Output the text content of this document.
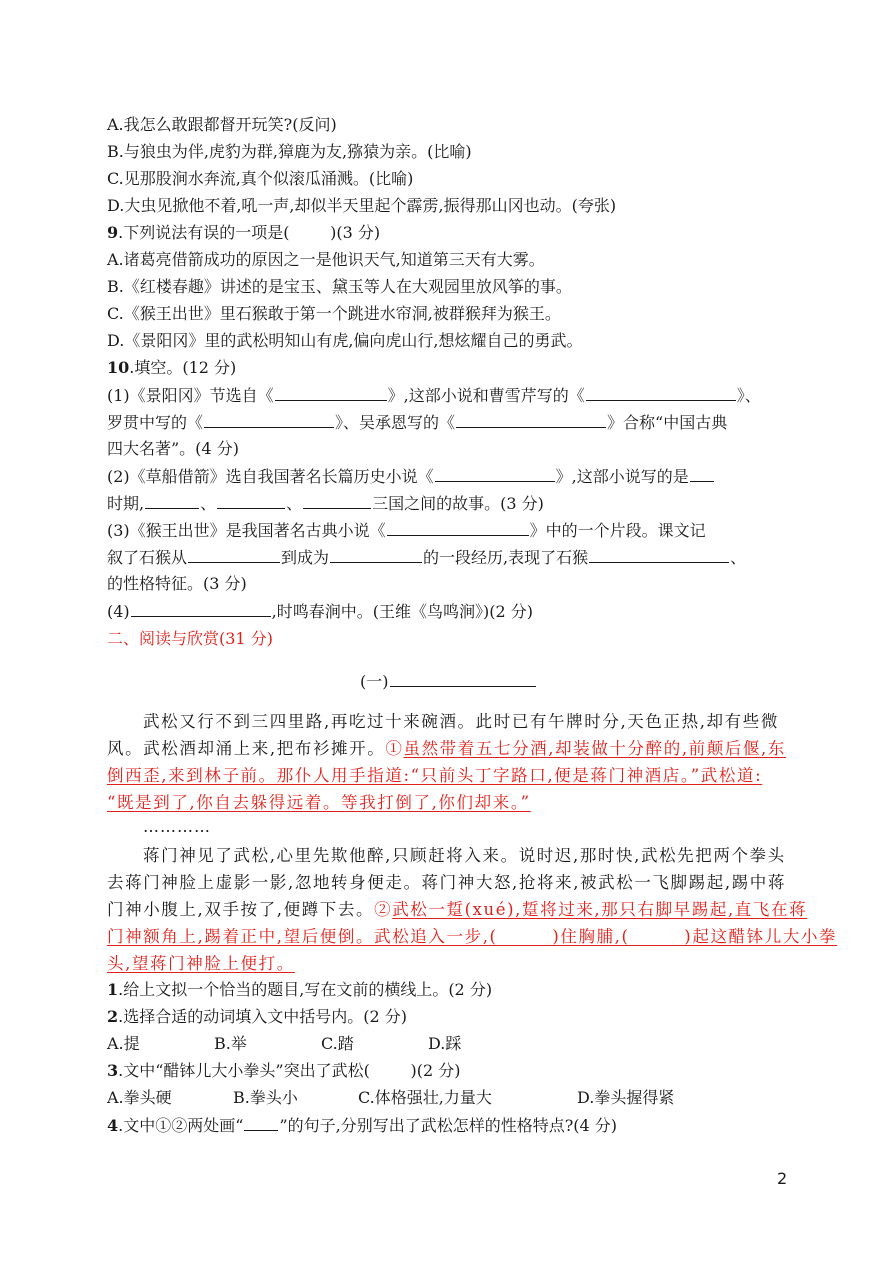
A.我怎么敢跟都督开玩笑?(反问)
B.与狼虫为伴,虎豹为群,獐鹿为友,猕猿为亲。(比喻)
C.见那股涧水奔流,真个似滚瓜涌溅。(比喻)
D.大虫见掀他不着,吼一声,却似半天里起个霹雳,振得那山冈也动。(夸张)
9.下列说法有误的一项是(        )(3 分)
A.诸葛亮借箭成功的原因之一是他识天气,知道第三天有大雾。
B.《红楼春趣》讲述的是宝玉、黛玉等人在大观园里放风筝的事。
C.《猴王出世》里石猴敢于第一个跳进水帘洞,被群猴拜为猴王。
D.《景阳冈》里的武松明知山有虎,偏向虎山行,想炫耀自己的勇武。
10.填空。(12 分)
(1)《景阳冈》节选自《	》,这部小说和曹雪芹写的《	》、
罗贯中写的《	》、吴承恩写的《	》合称“中国古典
四大名著”。(4 分)
(2)《草船借箭》选自我国著名长篇历史小说《	》,这部小说写的是
时期,	、	、	三国之间的故事。(3 分)
(3)《猴王出世》是我国著名古典小说《	》中的一个片段。课文记
叙了石猴从	到成为	的一段经历,表现了石猴	、
的性格特征。(3 分)
(4)	,时鸣春涧中。(王维《鸟鸣涧》)(2 分)
二、阅读与欣赏(31 分)
(一)
武松又行不到三四里路,再吃过十来碗酒。此时已有午牌时分,天色正热,却有些微
风。武松酒却涌上来,把布衫摊开。①虽然带着五七分酒,却装做十分醉的,前颠后偃,东
倒西歪,来到林子前。那仆人用手指道:“只前头丁字路口,便是蒋门神酒店。”武松道:
“既是到了,你自去躲得远着。等我打倒了,你们却来。”
…………
蒋门神见了武松,心里先欺他醉,只顾赶将入来。说时迟,那时快,武松先把两个拳头
去蒋门神脸上虚影一影,忽地转身便走。蒋门神大怒,抢将来,被武松一飞脚踢起,踢中蒋
门神小腹上,双手按了,便蹲下去。②武松一踅(xué),踅将过来,那只右脚早踢起,直飞在蒋
门神额角上,踢着正中,望后便倒。武松追入一步,(        )住胸脯,(        )起这醋钵儿大小拳
头,望蒋门神脸上便打。
1.给上文拟一个恰当的题目,写在文前的横线上。(2 分)
2.选择合适的动词填入文中括号内。(2 分)
A.提	B.举	C.踏	D.踩
3.文中“醋钵儿大小拳头”突出了武松(        )(2 分)
A.拳头硬	B.拳头小	C.体格强壮,力量大	D.拳头握得紧
4.文中①②两处画“ ”的句子,分别写出了武松怎样的性格特点?(4 分)
2
